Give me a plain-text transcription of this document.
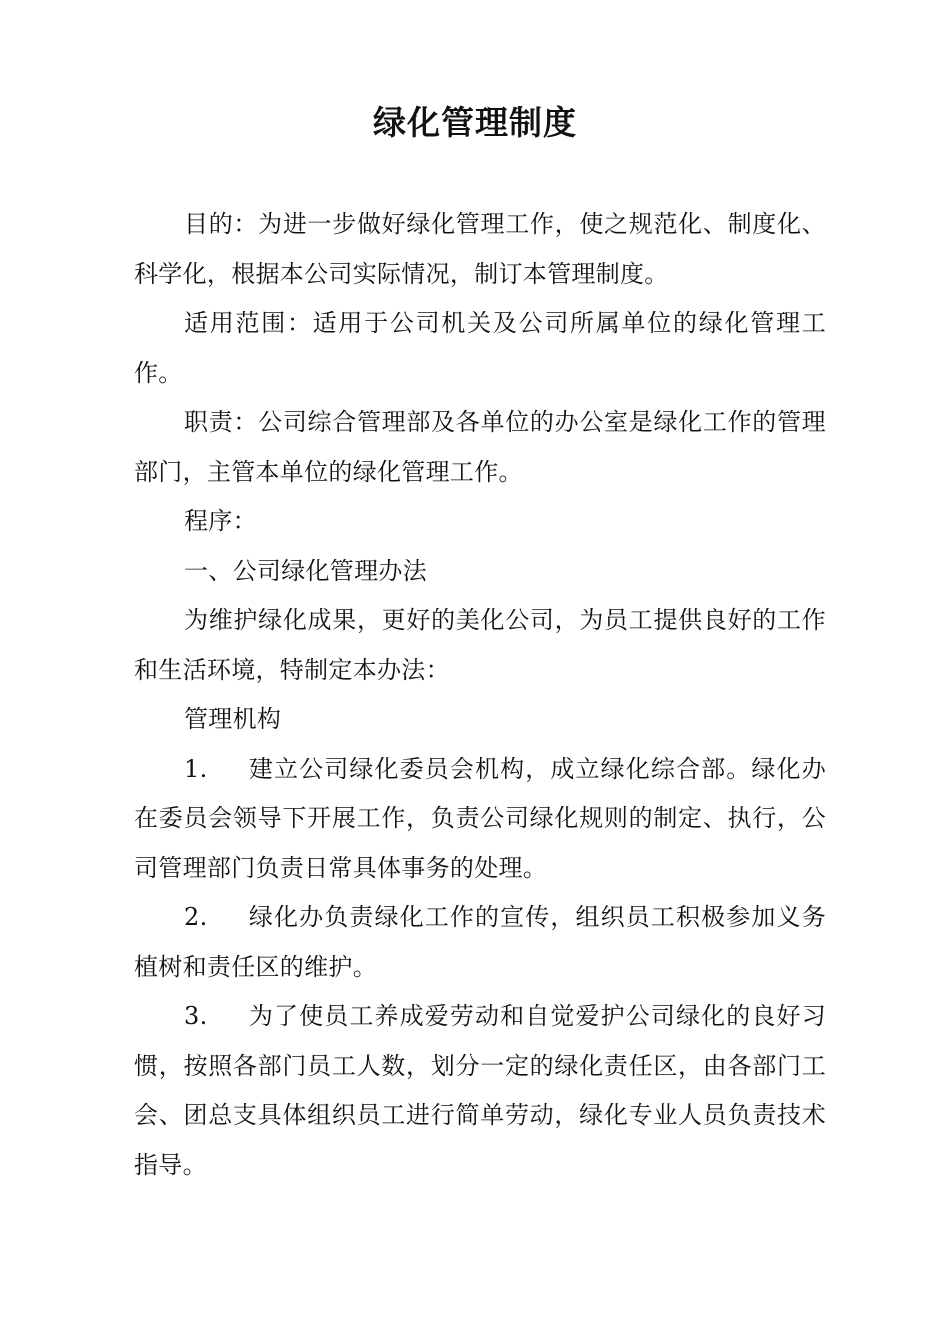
绿化管理制度

目的：为进一步做好绿化管理工作，使之规范化、制度化、科学化，根据本公司实际情况，制订本管理制度。

适用范围：适用于公司机关及公司所属单位的绿化管理工作。

职责：公司综合管理部及各单位的办公室是绿化工作的管理部门，主管本单位的绿化管理工作。

程序：

一、公司绿化管理办法

为维护绿化成果，更好的美化公司，为员工提供良好的工作和生活环境，特制定本办法：

管理机构

1. 建立公司绿化委员会机构，成立绿化综合部。绿化办在委员会领导下开展工作，负责公司绿化规则的制定、执行，公司管理部门负责日常具体事务的处理。

2. 绿化办负责绿化工作的宣传，组织员工积极参加义务植树和责任区的维护。

3. 为了使员工养成爱劳动和自觉爱护公司绿化的良好习惯，按照各部门员工人数，划分一定的绿化责任区，由各部门工会、团总支具体组织员工进行简单劳动，绿化专业人员负责技术指导。
